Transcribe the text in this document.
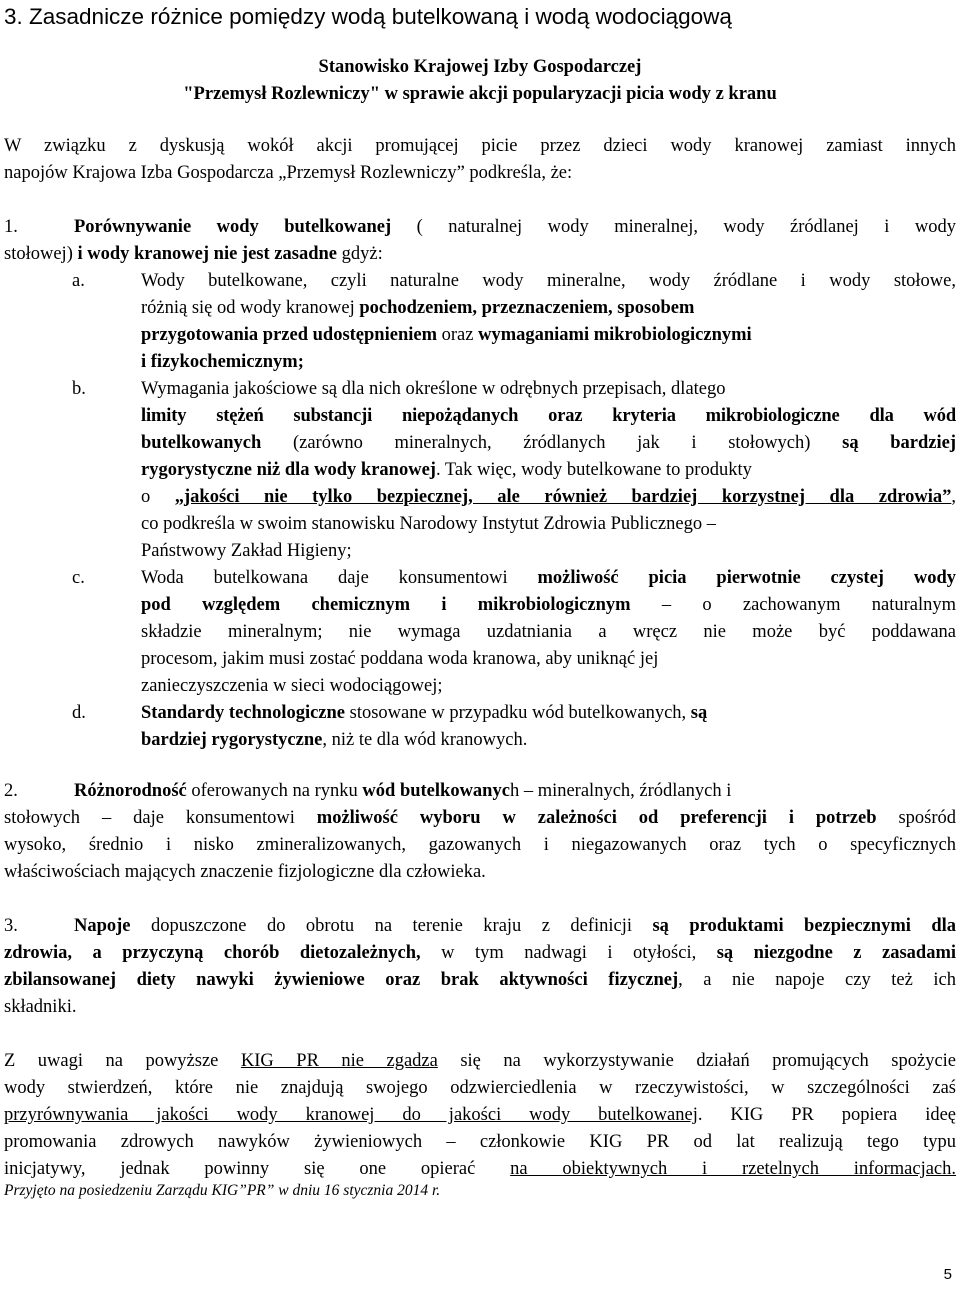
3. Zasadnicze różnice pomiędzy wodą butelkowaną i wodą wodociągową
Stanowisko Krajowej Izby Gospodarczej
"Przemysł Rozlewniczy" w sprawie akcji popularyzacji picia wody z kranu
W związku z dyskusją wokół akcji promującej picie przez dzieci wody kranowej zamiast innych
napojów Krajowa Izba Gospodarcza „Przemysł Rozlewniczy” podkreśla, że:
1.	Porównywanie wody butelkowanej ( naturalnej wody mineralnej, wody źródlanej i wody
stołowej) i wody kranowej nie jest zasadne gdyż:
a.	Wody butelkowane, czyli naturalne wody mineralne, wody źródlane i wody stołowe,
różnią się od wody kranowej pochodzeniem, przeznaczeniem, sposobem
przygotowania przed udostępnieniem oraz wymaganiami mikrobiologicznymi
i fizykochemicznym;
b.	Wymagania jakościowe są dla nich określone w odrębnych przepisach, dlatego
limity stężeń substancji niepożądanych oraz kryteria mikrobiologiczne dla wód
butelkowanych (zarówno mineralnych, źródlanych jak i stołowych) są bardziej
rygorystyczne niż dla wody kranowej. Tak więc, wody butelkowane to produkty
o „jakości nie tylko bezpiecznej, ale również bardziej korzystnej dla zdrowia”,
co podkreśla w swoim stanowisku Narodowy Instytut Zdrowia Publicznego –
Państwowy Zakład Higieny;
c.	Woda butelkowana daje konsumentowi możliwość picia pierwotnie czystej wody
pod względem chemicznym i mikrobiologicznym – o zachowanym naturalnym
składzie mineralnym; nie wymaga uzdatniania a wręcz nie może być poddawana
procesom, jakim musi zostać poddana woda kranowa, aby uniknąć jej
zanieczyszczenia w sieci wodociągowej;
d.	Standardy technologiczne stosowane w przypadku wód butelkowanych, są
bardziej rygorystyczne, niż te dla wód kranowych.
2.	Różnorodność oferowanych na rynku wód butelkowanych – mineralnych, źródlanych i
stołowych – daje konsumentowi możliwość wyboru w zależności od preferencji i potrzeb spośród
wysoko, średnio i nisko zmineralizowanych, gazowanych i niegazowanych oraz tych o specyficznych
właściwościach mających znaczenie fizjologiczne dla człowieka.
3.	Napoje dopuszczone do obrotu na terenie kraju z definicji są produktami bezpiecznymi dla
zdrowia, a przyczyną chorób dietozależnych, w tym nadwagi i otyłości, są niezgodne z zasadami
zbilansowanej diety nawyki żywieniowe oraz brak aktywności fizycznej, a nie napoje czy też ich
składniki.
Z uwagi na powyższe KIG PR nie zgadza się na wykorzystywanie działań promujących spożycie
wody stwierdzeń, które nie znajdują swojego odzwierciedlenia w rzeczywistości, w szczególności zaś
przyrównywania jakości wody kranowej do jakości wody butelkowanej. KIG PR popiera ideę
promowania zdrowych nawyków żywieniowych – członkowie KIG PR od lat realizują tego typu
inicjatywy, jednak powinny się one opierać na obiektywnych i rzetelnych informacjach.
Przyjęto na posiedzeniu Zarządu KIG”PR” w dniu 16 stycznia 2014 r.
5
